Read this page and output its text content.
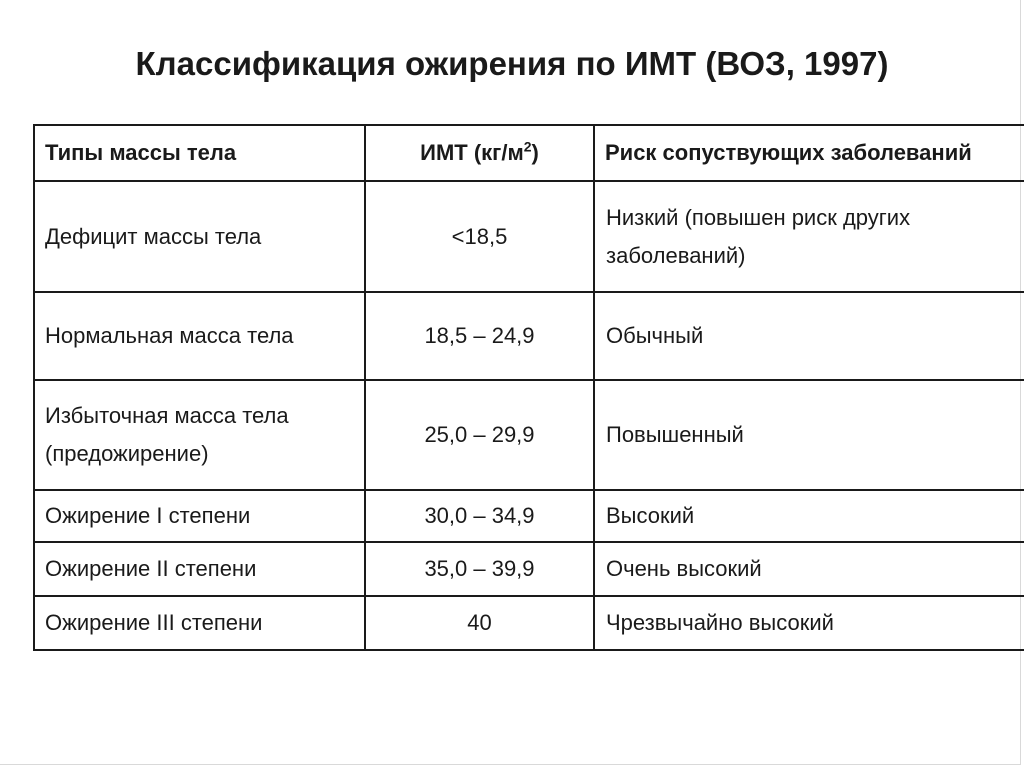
Классификация ожирения по ИМТ (ВОЗ, 1997)
Типы массы тела	ИМТ $(кг/м^2)$	Риск сопуствующих заболеваний
Дефицит массы тела	<18,5	Низкий (повышен риск других заболеваний)
Нормальная масса тела	18,5 – 24,9	Обычный
Избыточная масса тела (предожирение)	25,0 – 29,9	Повышенный
Ожирение I степени	30,0 – 34,9	Высокий
Ожирение II степени	35,0 – 39,9	Очень высокий
Ожирение III степени	40	Чрезвычайно высокий
